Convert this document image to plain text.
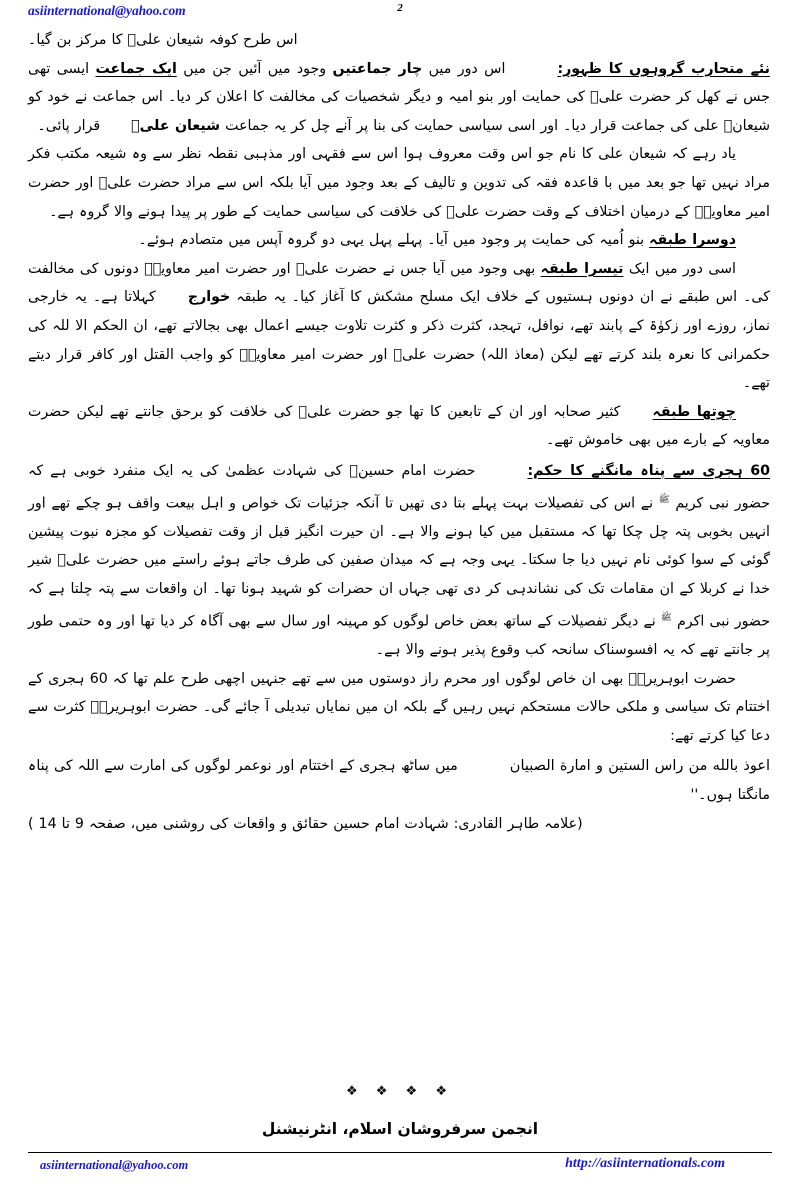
asiinternational@yahoo.com	2

اس طرح کوفہ شیعان علیؑ کا مرکز بن گیا۔

نئے متحارب گروہوں کا ظہور:اس دور میں چار جماعتیں وجود میں آئیں جن میں ایک جماعت ایسی تھی جس نے کھل کر حضرت علیؑ کی حمایت اور بنو امیہ و دیگر شخصیات کی مخالفت کا اعلان کر دیا۔ اس جماعت نے خود کو شیعانؑ علی کی جماعت قرار دیا۔ اور اسی سیاسی حمایت کی بنا پر آنے چل کر یہ جماعت شیعان علیؑ قرار پائی۔

یاد رہے کہ شیعان علی کا نام جو اس وقت معروف ہوا اس سے فقہی اور مذہبی نقطہ نظر سے وہ شیعہ مکتب فکر مراد نہیں تھا جو بعد میں با قاعدہ فقہ کی تدوین و تالیف کے بعد وجود میں آیا بلکہ اس سے مراد حضرت علیؑ اور حضرت امیر معاویہؓ کے درمیان اختلاف کے وقت حضرت علیؑ کی خلافت کی سیاسی حمایت کے طور پر پیدا ہونے والا گروہ ہے۔

دوسرا طبقہ بنو اُمیہ کی حمایت پر وجود میں آیا۔ پہلے پہل یہی دو گروہ آپس میں متصادم ہوئے۔

اسی دور میں ایک تیسرا طبقہ بھی وجود میں آیا جس نے حضرت علیؑ اور حضرت امیر معاویہؓ دونوں کی مخالفت کی۔ اس طبقے نے ان دونوں ہستیوں کے خلاف ایک مسلح مشکش کا آغاز کیا۔ یہ طبقہ خوارج کہلاتا ہے۔ یہ خارجی نماز، روزے اور زکوٰۃ کے پابند تھے، نوافل، تہجد، کثرت ذکر و کثرت تلاوت جیسے اعمال بھی بجالاتے تھے، ان الحکم الا للہ کی حکمرانی کا نعرہ بلند کرتے تھے لیکن (معاذ اللہ) حضرت علیؑ اور حضرت امیر معاویہؓ کو واجب القتل اور کافر قرار دیتے تھے۔

چوتھا طبقہ کثیر صحابہ اور ان کے تابعین کا تھا جو حضرت علیؑ کی خلافت کو برحق جانتے تھے لیکن حضرت معاویہ کے بارے میں بھی خاموش تھے۔

60 ہجری سے پناہ مانگنے کا حکم:حضرت امام حسینؑ کی شہادت عظمیٰ کی یہ ایک منفرد خوبی ہے کہ حضور نبی کریم $^ﷺ$ نے اس کی تفصیلات بہت پہلے بتا دی تھیں تا آنکہ جزئیات تک خواص و اہل بیعت واقف ہو چکے تھے اور انہیں بخوبی پتہ چل چکا تھا کہ مستقبل میں کیا ہونے والا ہے۔ ان حیرت انگیز قبل از وقت تفصیلات کو مجزہ نبوت پیشین گوئی کے سوا کوئی نام نہیں دیا جا سکتا۔ یہی وجہ ہے کہ میدان صفین کی طرف جاتے ہوئے راستے میں حضرت علیؑ شیر خدا نے کربلا کے ان مقامات تک کی نشاندہی کر دی تھی جہاں ان حضرات کو شہید ہونا تھا۔ ان واقعات سے پتہ چلتا ہے کہ حضور نبی اکرم $^ﷺ$ نے دیگر تفصیلات کے ساتھ بعض خاص لوگوں کو مہینہ اور سال سے بھی آگاہ کر دیا تھا اور وہ حتمی طور پر جانتے تھے کہ یہ افسوسناک سانحہ کب وقوع پذیر ہونے والا ہے۔

حضرت ابوہریرہؓ بھی ان خاص لوگوں اور محرم راز دوستوں میں سے تھے جنہیں اچھی طرح علم تھا کہ 60 ہجری کے اختتام تک سیاسی و ملکی حالات مستحکم نہیں رہیں گے بلکہ ان میں نمایاں تبدیلی آ جائے گی۔ حضرت ابوہریرہؓ کثرت سے دعا کیا کرتے تھے:

اعوذ بالله من راس الستين و امارة الصبيانمیں ساٹھ ہجری کے اختتام اور نوعمر لوگوں کی امارت سے اللہ کی پناہ مانگتا ہوں۔''

(علامہ طاہر القادری: شہادت امام حسین حقائق و واقعات کی روشنی میں، صفحہ 9 تا 14 )

❖ ❖ ❖ ❖
انجمن سرفروشان اسلام، انٹرنیشنل
asiinternational@yahoo.com	http://asiinternationals.com
